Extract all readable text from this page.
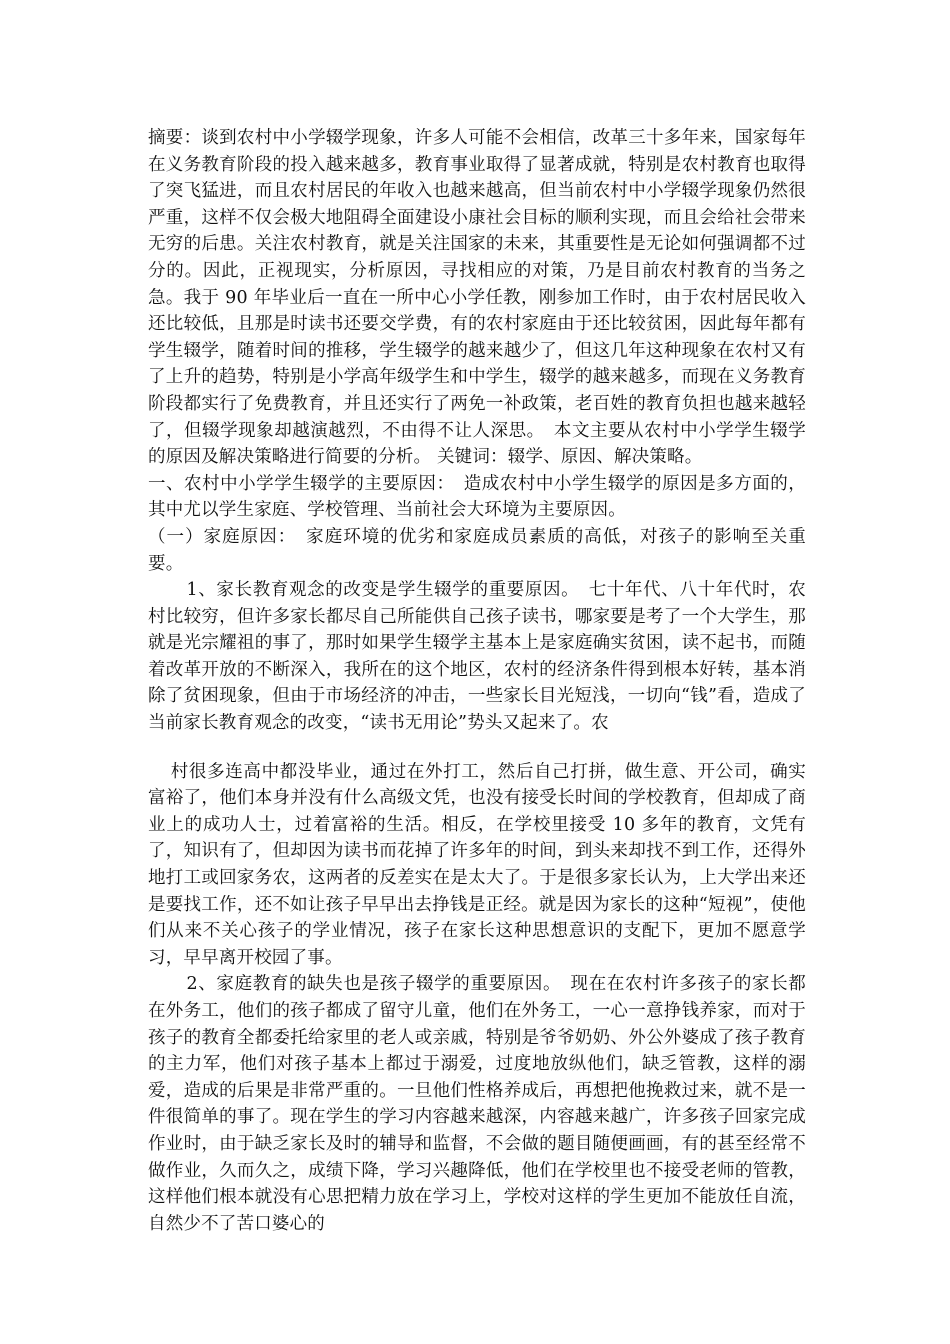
摘要：谈到农村中小学辍学现象，许多人可能不会相信，改革三十多年来，国家每年在义务教育阶段的投入越来越多，教育事业取得了显著成就，特别是农村教育也取得了突飞猛进，而且农村居民的年收入也越来越高，但当前农村中小学辍学现象仍然很严重，这样不仅会极大地阻碍全面建设小康社会目标的顺利实现，而且会给社会带来无穷的后患。关注农村教育，就是关注国家的未来，其重要性是无论如何强调都不过分的。因此，正视现实，分析原因，寻找相应的对策，乃是目前农村教育的当务之急。我于 90 年毕业后一直在一所中心小学任教，刚参加工作时，由于农村居民收入还比较低，且那是时读书还要交学费，有的农村家庭由于还比较贫困，因此每年都有学生辍学，随着时间的推移，学生辍学的越来越少了，但这几年这种现象在农村又有了上升的趋势，特别是小学高年级学生和中学生，辍学的越来越多，而现在义务教育阶段都实行了免费教育，并且还实行了两免一补政策，老百姓的教育负担也越来越轻了，但辍学现象却越演越烈，不由得不让人深思。　本文主要从农村中小学学生辍学的原因及解决策略进行简要的分析。 关键词：辍学、原因、解决策略。

一、农村中小学学生辍学的主要原因：　造成农村中小学生辍学的原因是多方面的，其中尤以学生家庭、学校管理、当前社会大环境为主要原因。

（一）家庭原因：　家庭环境的优劣和家庭成员素质的高低，对孩子的影响至关重要。

1、家长教育观念的改变是学生辍学的重要原因。　七十年代、八十年代时，农村比较穷，但许多家长都尽自己所能供自己孩子读书，哪家要是考了一个大学生，那就是光宗耀祖的事了，那时如果学生辍学主基本上是家庭确实贫困，读不起书，而随着改革开放的不断深入，我所在的这个地区，农村的经济条件得到根本好转，基本消除了贫困现象，但由于市场经济的冲击，一些家长目光短浅，一切向“钱”看，造成了当前家长教育观念的改变，“读书无用论”势头又起来了。农

村很多连高中都没毕业，通过在外打工，然后自己打拼，做生意、开公司，确实富裕了，他们本身并没有什么高级文凭，也没有接受长时间的学校教育，但却成了商业上的成功人士，过着富裕的生活。相反，在学校里接受 10 多年的教育，文凭有了，知识有了，但却因为读书而花掉了许多年的时间，到头来却找不到工作，还得外地打工或回家务农，这两者的反差实在是太大了。于是很多家长认为，上大学出来还是要找工作，还不如让孩子早早出去挣钱是正经。就是因为家长的这种“短视”，使他们从来不关心孩子的学业情况，孩子在家长这种思想意识的支配下，更加不愿意学习，早早离开校园了事。

2、家庭教育的缺失也是孩子辍学的重要原因。　现在在农村许多孩子的家长都在外务工，他们的孩子都成了留守儿童，他们在外务工，一心一意挣钱养家，而对于孩子的教育全都委托给家里的老人或亲戚，特别是爷爷奶奶、外公外婆成了孩子教育的主力军，他们对孩子基本上都过于溺爱，过度地放纵他们，缺乏管教，这样的溺爱，造成的后果是非常严重的。一旦他们性格养成后，再想把他挽救过来，就不是一件很简单的事了。现在学生的学习内容越来越深，内容越来越广，许多孩子回家完成作业时，由于缺乏家长及时的辅导和监督，不会做的题目随便画画，有的甚至经常不做作业，久而久之，成绩下降，学习兴趣降低，他们在学校里也不接受老师的管教，这样他们根本就没有心思把精力放在学习上，学校对这样的学生更加不能放任自流，自然少不了苦口婆心的
